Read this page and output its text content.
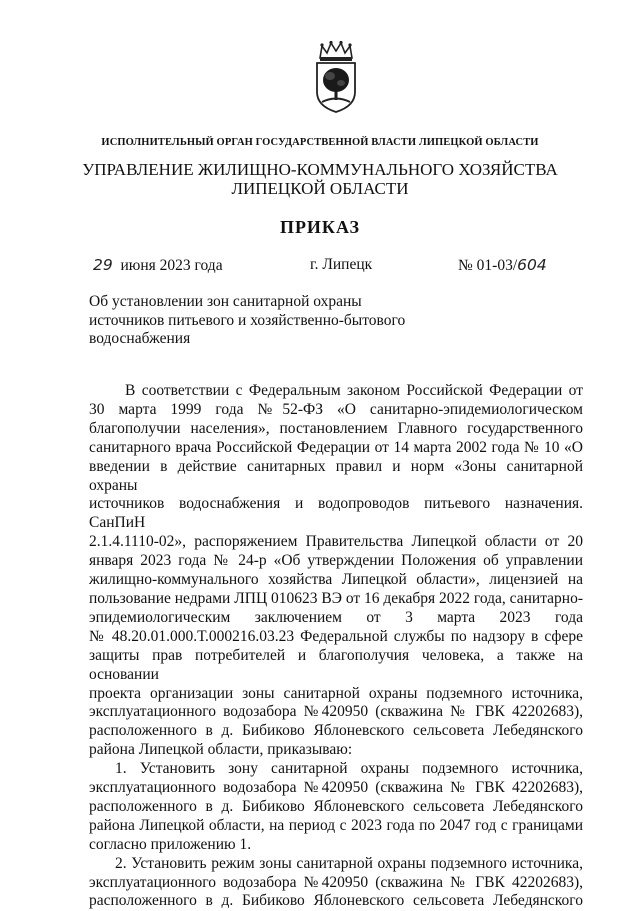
ИСПОЛНИТЕЛЬНЫЙ ОРГАН ГОСУДАРСТВЕННОЙ ВЛАСТИ ЛИПЕЦКОЙ ОБЛАСТИ
УПРАВЛЕНИЕ ЖИЛИЩНО-КОММУНАЛЬНОГО ХОЗЯЙСТВА
ЛИПЕЦКОЙ ОБЛАСТИ
ПРИКАЗ
29 июня 2023 года	г. Липецк	№ 01-03/604
Об установлении зон санитарной охраны
источников питьевого и хозяйственно-бытового
водоснабжения
В соответствии с Федеральным законом Российской Федерации от
30 марта 1999 года №52-ФЗ «О санитарно-эпидемиологическом
благополучии населения», постановлением Главного государственного
санитарного врача Российской Федерации от 14 марта 2002 года № 10 «О
введении в действие санитарных правил и норм «Зоны санитарной охраны
источников водоснабжения и водопроводов питьевого назначения. СанПиН
2.1.4.1110-02», распоряжением Правительства Липецкой области от 20
января 2023 года № 24-р «Об утверждении Положения об управлении
жилищно-коммунального хозяйства Липецкой области», лицензией на
пользование недрами ЛПЦ 010623 ВЭ от 16 декабря 2022 года, санитарно-
эпидемиологическим заключением от 3 марта 2023 года
№ 48.20.01.000.Т.000216.03.23 Федеральной службы по надзору в сфере
защиты прав потребителей и благополучия человека, а также на основании
проекта организации зоны санитарной охраны подземного источника,
эксплуатационного водозабора №420950 (скважина № ГВК 42202683),
расположенного в д. Бибиково Яблоневского сельсовета Лебедянского
района Липецкой области, приказываю:
1. Установить зону санитарной охраны подземного источника,
эксплуатационного водозабора №420950 (скважина № ГВК 42202683),
расположенного в д. Бибиково Яблоневского сельсовета Лебедянского
района Липецкой области, на период с 2023 года по 2047 год с границами
согласно приложению 1.
2. Установить режим зоны санитарной охраны подземного источника,
эксплуатационного водозабора №420950 (скважина № ГВК 42202683),
расположенного в д. Бибиково Яблоневского сельсовета Лебедянского
